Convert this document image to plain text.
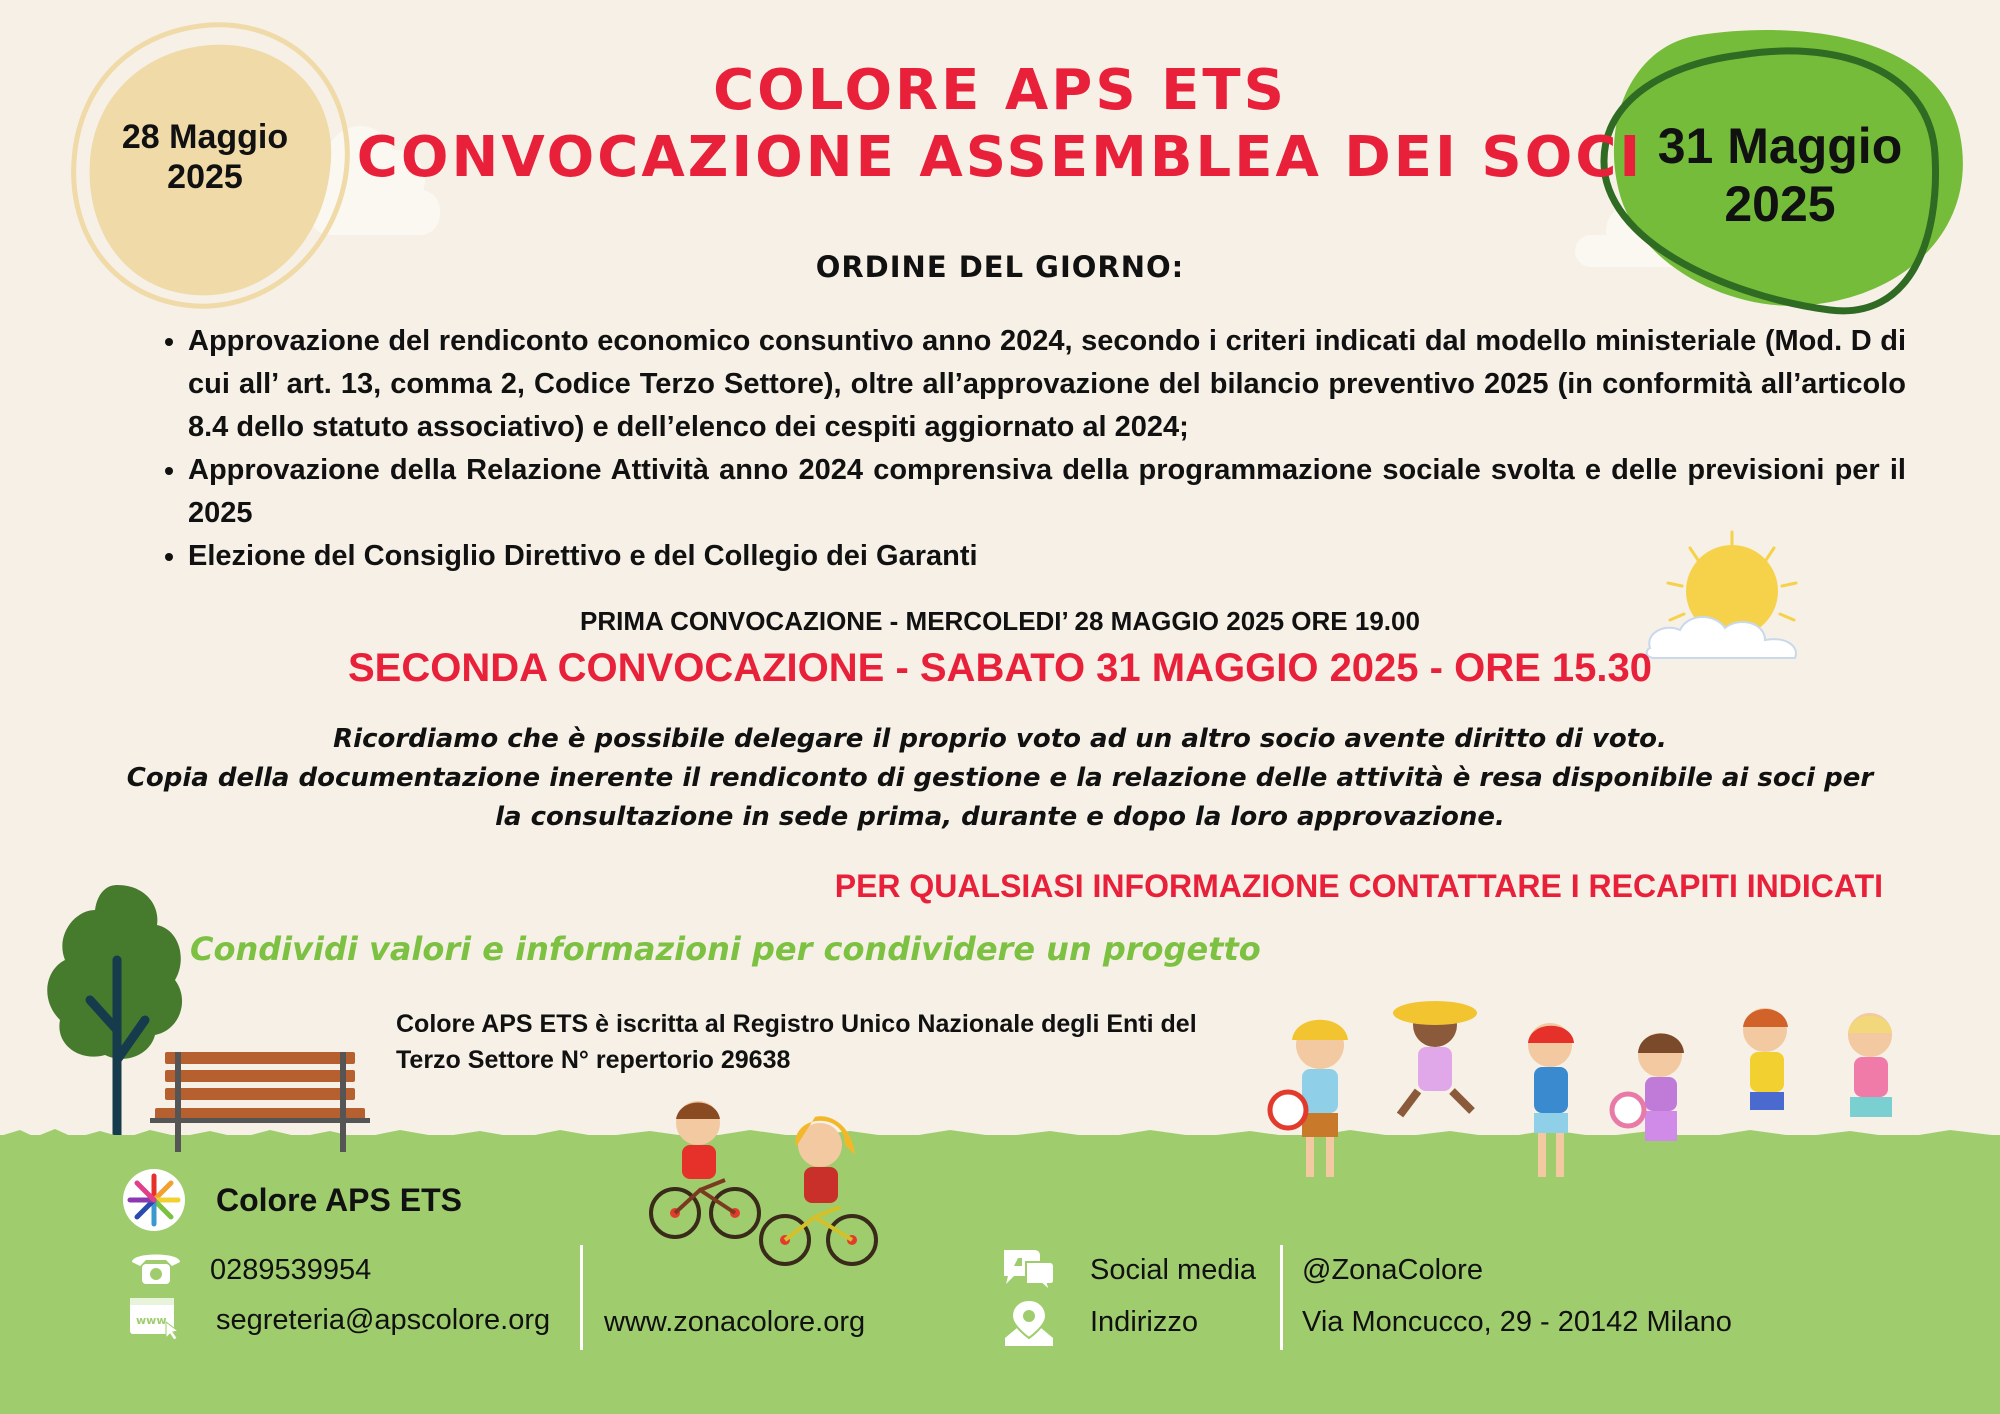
28 Maggio
2025
31 Maggio
2025
COLORE APS ETS
CONVOCAZIONE ASSEMBLEA DEI SOCI
ORDINE DEL GIORNO:
• Approvazione del rendiconto economico consuntivo anno 2024, secondo i criteri indicati dal modello ministeriale (Mod. D di cui all’ art. 13, comma 2, Codice Terzo Settore), oltre all’approvazione del bilancio preventivo 2025 (in conformità all’articolo 8.4 dello statuto associativo) e dell’elenco dei cespiti aggiornato al 2024;
• Approvazione della Relazione Attività anno 2024 comprensiva della programmazione sociale svolta e delle previsioni per il 2025
• Elezione del Consiglio Direttivo e del Collegio dei Garanti
PRIMA CONVOCAZIONE - MERCOLEDI’ 28 MAGGIO 2025 ORE 19.00
SECONDA CONVOCAZIONE - SABATO 31 MAGGIO 2025 - ORE 15.30
Ricordiamo che è possibile delegare il proprio voto ad un altro socio avente diritto di voto.
Copia della documentazione inerente il rendiconto di gestione e la relazione delle attività è resa disponibile ai soci per la consultazione in sede prima, durante e dopo la loro approvazione.
PER QUALSIASI INFORMAZIONE CONTATTARE I RECAPITI INDICATI
Condividi valori e informazioni per condividere un progetto
Colore APS ETS è iscritta al Registro Unico Nazionale degli Enti del Terzo Settore N° repertorio 29638
Colore APS ETS
0289539954
www segreteria@apscolore.org www.zonacolore.org
Social media
Indirizzo
@ZonaColore
Via Moncucco, 29 - 20142 Milano
